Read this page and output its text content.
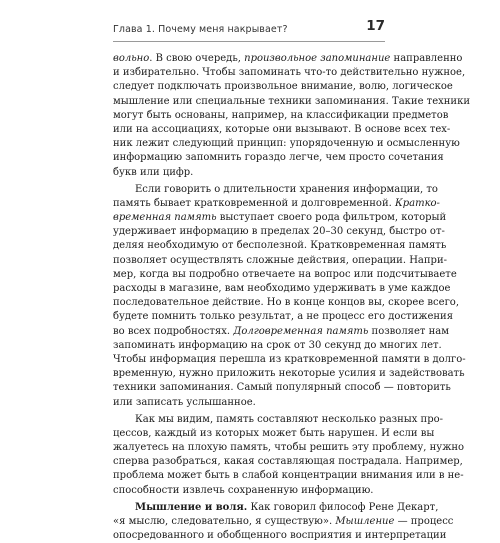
Глава 1. Почему меня накрывает?	17
вольно. В свою очередь, произвольное запоминание направленно
и избирательно. Чтобы запоминать что-то действительно нужное,
следует подключать произвольное внимание, волю, логическое
мышление или специальные техники запоминания. Такие техники
могут быть основаны, например, на классификации предметов
или на ассоциациях, которые они вызывают. В основе всех тех-
ник лежит следующий принцип: упорядоченную и осмысленную
информацию запомнить гораздо легче, чем просто сочетания
букв или цифр.
Если говорить о длительности хранения информации, то
память бывает кратковременной и долговременной. Кратко-
временная память выступает своего рода фильтром, который
удерживает информацию в пределах 20–30 секунд, быстро от-
деляя необходимую от бесполезной. Кратковременная память
позволяет осуществлять сложные действия, операции. Напри-
мер, когда вы подробно отвечаете на вопрос или подсчитываете
расходы в магазине, вам необходимо удерживать в уме каждое
последовательное действие. Но в конце концов вы, скорее всего,
будете помнить только результат, а не процесс его достижения
во всех подробностях. Долговременная память позволяет нам
запоминать информацию на срок от 30 секунд до многих лет.
Чтобы информация перешла из кратковременной памяти в долго-
временную, нужно приложить некоторые усилия и задействовать
техники запоминания. Самый популярный способ — повторить
или записать услышанное.
Как мы видим, память составляют несколько разных про-
цессов, каждый из которых может быть нарушен. И если вы
жалуетесь на плохую память, чтобы решить эту проблему, нужно
сперва разобраться, какая составляющая пострадала. Например,
проблема может быть в слабой концентрации внимания или в не-
способности извлечь сохраненную информацию.
Мышление и воля. Как говорил философ Рене Декарт,
«я мыслю, следовательно, я существую». Мышление — процесс
опосредованного и обобщенного восприятия и интерпретации
